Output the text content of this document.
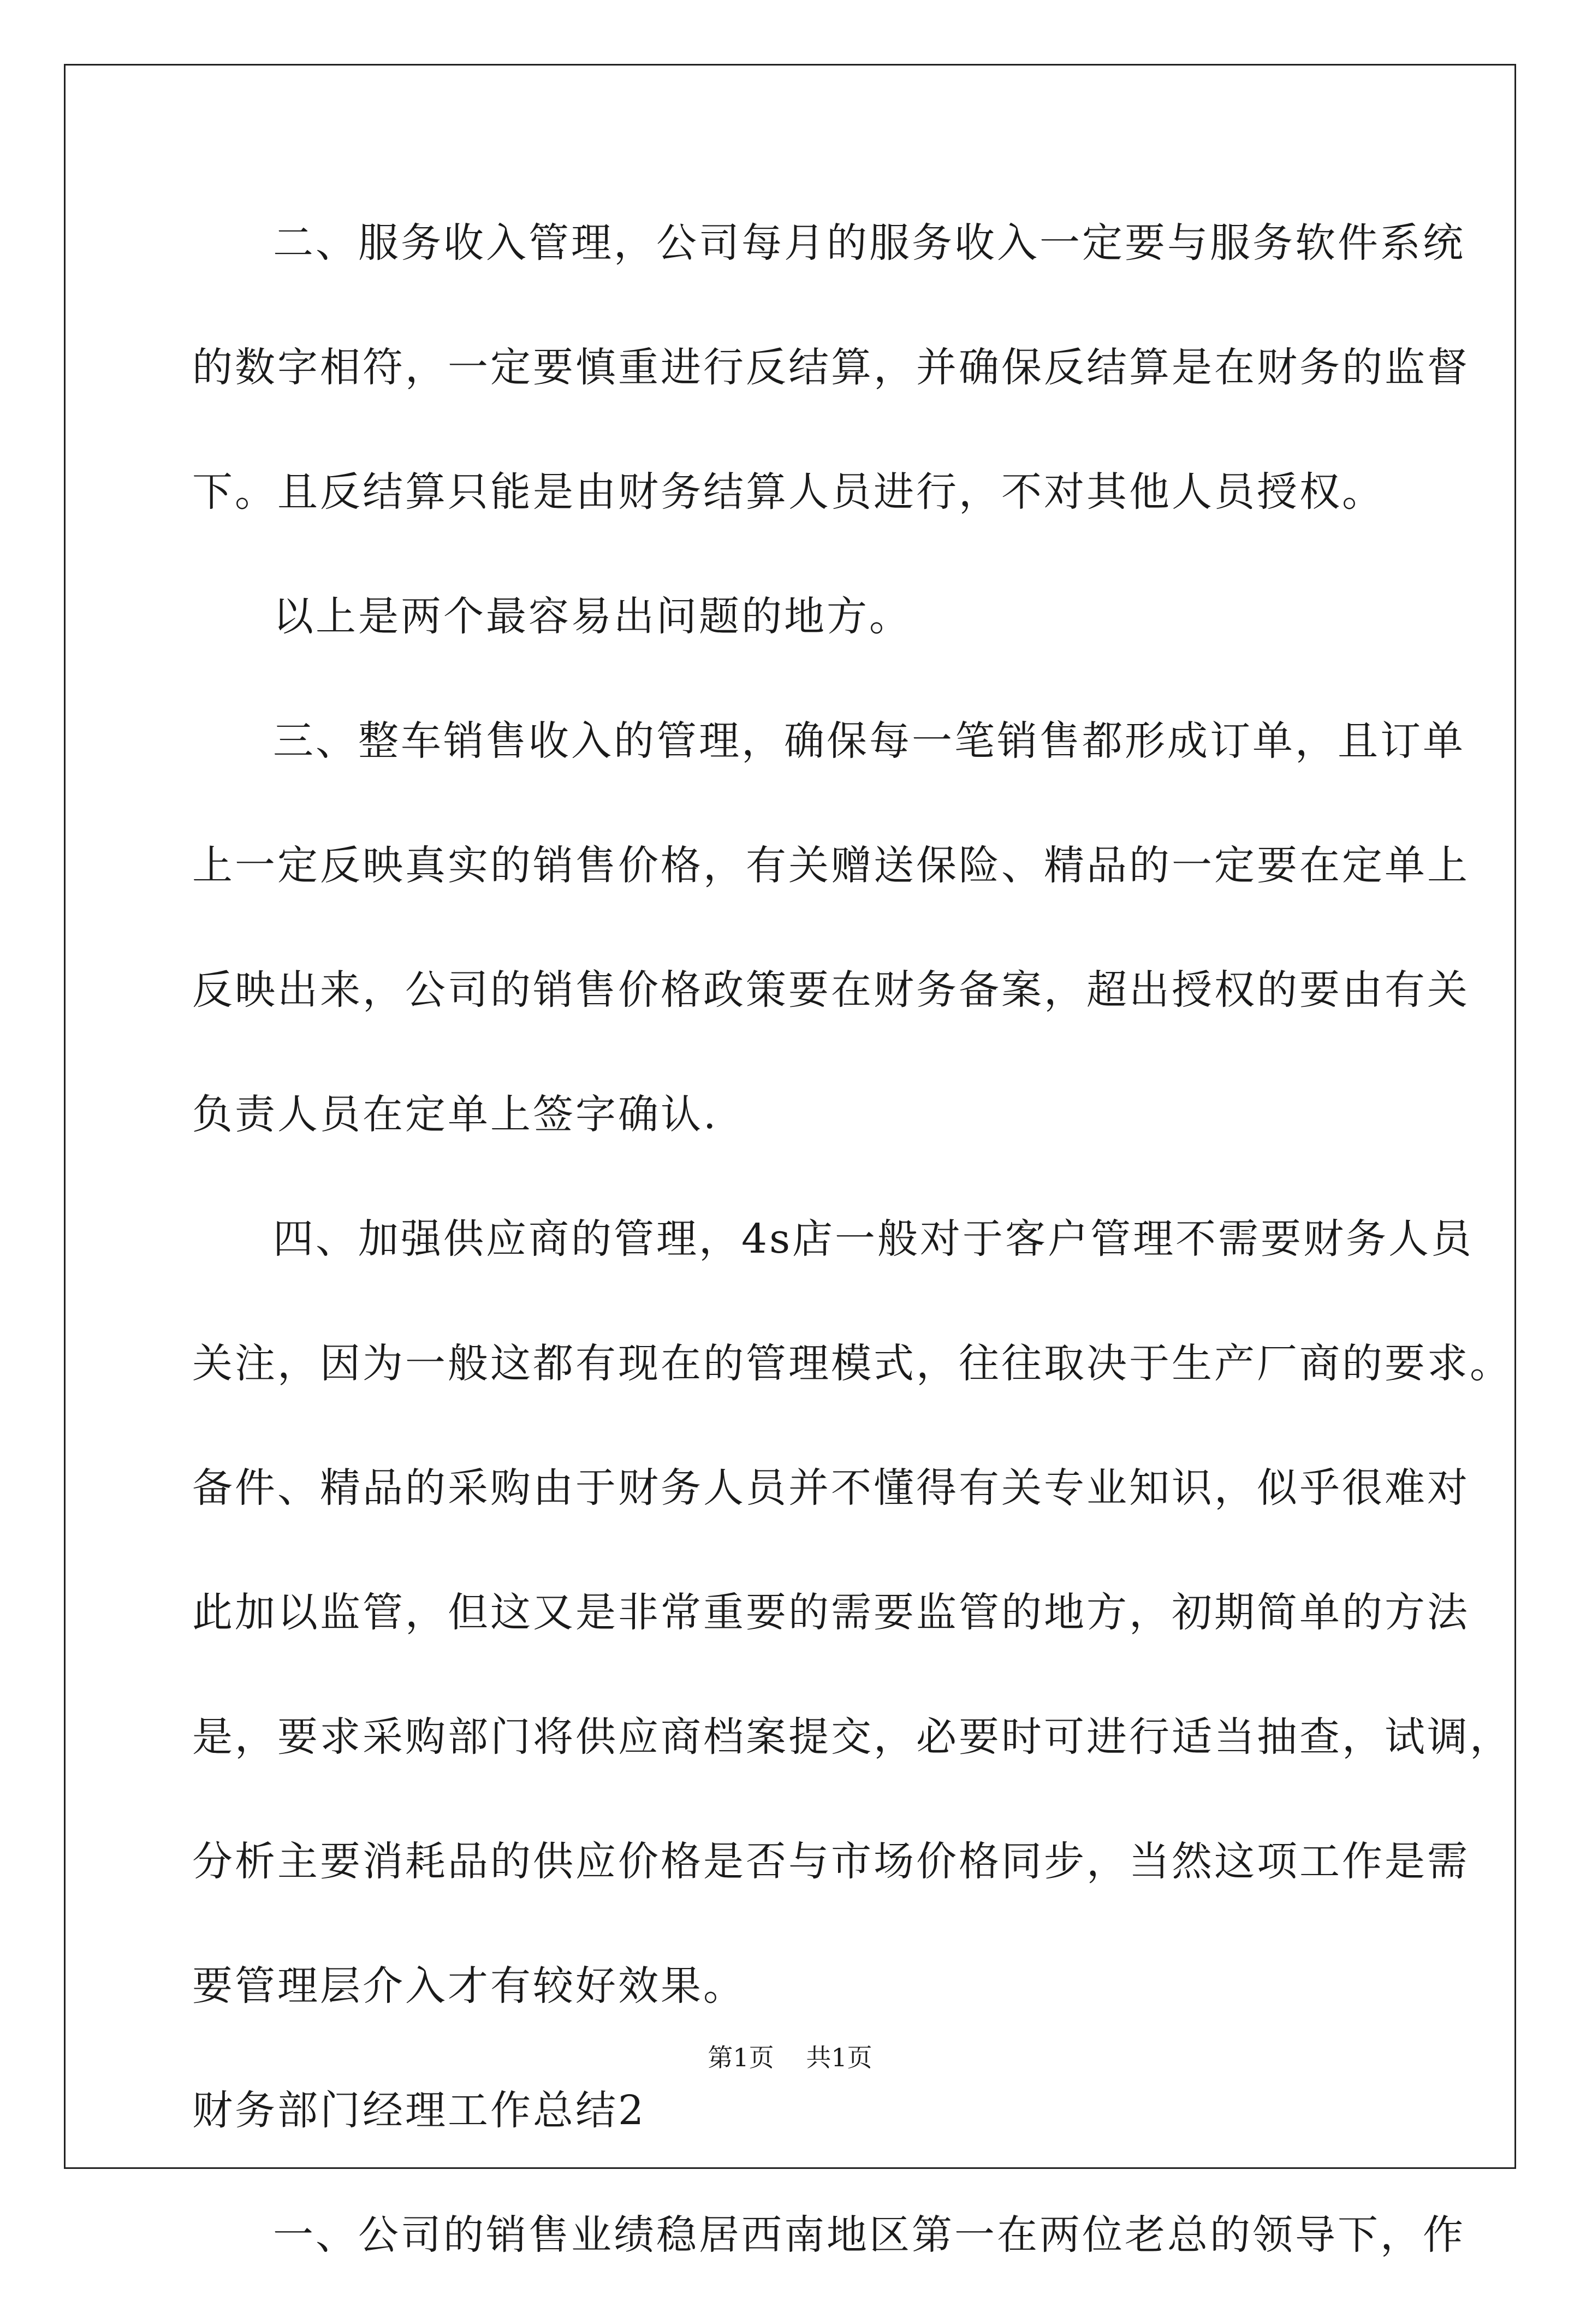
二、服务收入管理，公司每月的服务收入一定要与服务软件系统
的数字相符，一定要慎重进行反结算，并确保反结算是在财务的监督
下。且反结算只能是由财务结算人员进行，不对其他人员授权。
以上是两个最容易出问题的地方。
三、整车销售收入的管理，确保每一笔销售都形成订单，且订单
上一定反映真实的销售价格，有关赠送保险、精品的一定要在定单上
反映出来，公司的销售价格政策要在财务备案，超出授权的要由有关
负责人员在定单上签字确认.
四、加强供应商的管理，4s店一般对于客户管理不需要财务人员
关注，因为一般这都有现在的管理模式，往往取决于生产厂商的要求。
备件、精品的采购由于财务人员并不懂得有关专业知识，似乎很难对
此加以监管，但这又是非常重要的需要监管的地方，初期简单的方法
是，要求采购部门将供应商档案提交，必要时可进行适当抽查，试调，
分析主要消耗品的供应价格是否与市场价格同步，当然这项工作是需
要管理层介入才有较好效果。
财务部门经理工作总结2
一、公司的销售业绩稳居西南地区第一在两位老总的领导下，作
第1页 共1页
